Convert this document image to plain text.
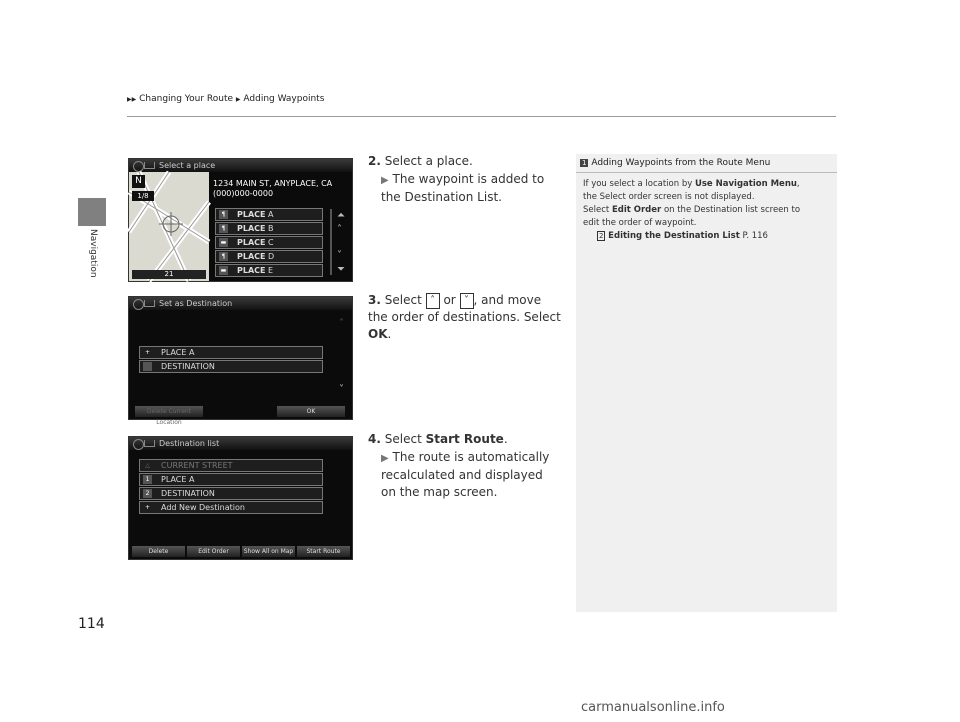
Navigation
▶▶ Changing Your Route ▶ Adding Waypoints
Select a place
N
1/8
21
1234 MAIN ST, ANYPLACE, CA
(000)000-0000
¶	PLACE A
¶	PLACE B
▬ PLACE C
¶	PLACE D
▬ PLACE E
⏶
˄
˅
⏷
Set as Destination
˄
+ PLACE A
DESTINATION
˅
Delete Current Location
OK
Destination list
△ CURRENT STREET
1	PLACE A
2	DESTINATION
+ Add New Destination
Delete	Edit Order	Show All on Map	Start Route
2. Select a place.
▶ The waypoint is added to the Destination List.
3. Select ˄ or ˅ , and move the order of destinations. Select OK.
4. Select Start Route.
▶ The route is automatically recalculated and displayed on the map screen.
1 Adding Waypoints from the Route Menu
If you select a location by Use Navigation Menu,
the Select order screen is not displayed.
Select Edit Order on the Destination list screen to
edit the order of waypoint.
2 Editing the Destination List P. 116
114
carmanualsonline.info
